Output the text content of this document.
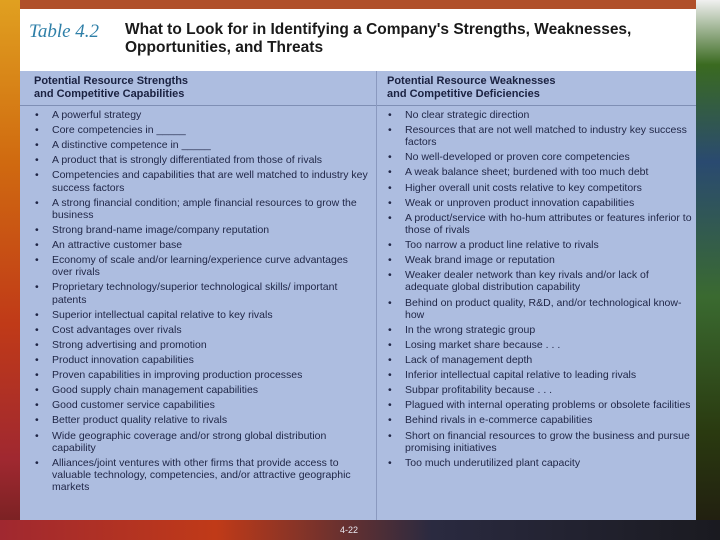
Table 4.2 What to Look for in Identifying a Company's Strengths, Weaknesses, Opportunities, and Threats
Potential Resource Strengths
and Competitive Capabilities
Potential Resource Weaknesses
and Competitive Deficiencies
• A powerful strategy
• Core competencies in _____
• A distinctive competence in _____
• A product that is strongly differentiated from those of rivals
• Competencies and capabilities that are well matched to industry key success factors
• A strong financial condition; ample financial resources to grow the business
• Strong brand-name image/company reputation
• An attractive customer base
• Economy of scale and/or learning/experience curve advantages over rivals
• Proprietary technology/superior technological skills/ important patents
• Superior intellectual capital relative to key rivals
• Cost advantages over rivals
• Strong advertising and promotion
• Product innovation capabilities
• Proven capabilities in improving production processes
• Good supply chain management capabilities
• Good customer service capabilities
• Better product quality relative to rivals
• Wide geographic coverage and/or strong global distribution capability
• Alliances/joint ventures with other firms that provide access to valuable technology, competencies, and/or attractive geographic markets
• No clear strategic direction
• Resources that are not well matched to industry key success factors
• No well-developed or proven core competencies
• A weak balance sheet; burdened with too much debt
• Higher overall unit costs relative to key competitors
• Weak or unproven product innovation capabilities
• A product/service with ho-hum attributes or features inferior to those of rivals
• Too narrow a product line relative to rivals
• Weak brand image or reputation
• Weaker dealer network than key rivals and/or lack of adequate global distribution capability
• Behind on product quality, R&D, and/or technological know-how
• In the wrong strategic group
• Losing market share because . . .
• Lack of management depth
• Inferior intellectual capital relative to leading rivals
• Subpar profitability because . . .
• Plagued with internal operating problems or obsolete facilities
• Behind rivals in e-commerce capabilities
• Short on financial resources to grow the business and pursue promising initiatives
• Too much underutilized plant capacity
4-22
